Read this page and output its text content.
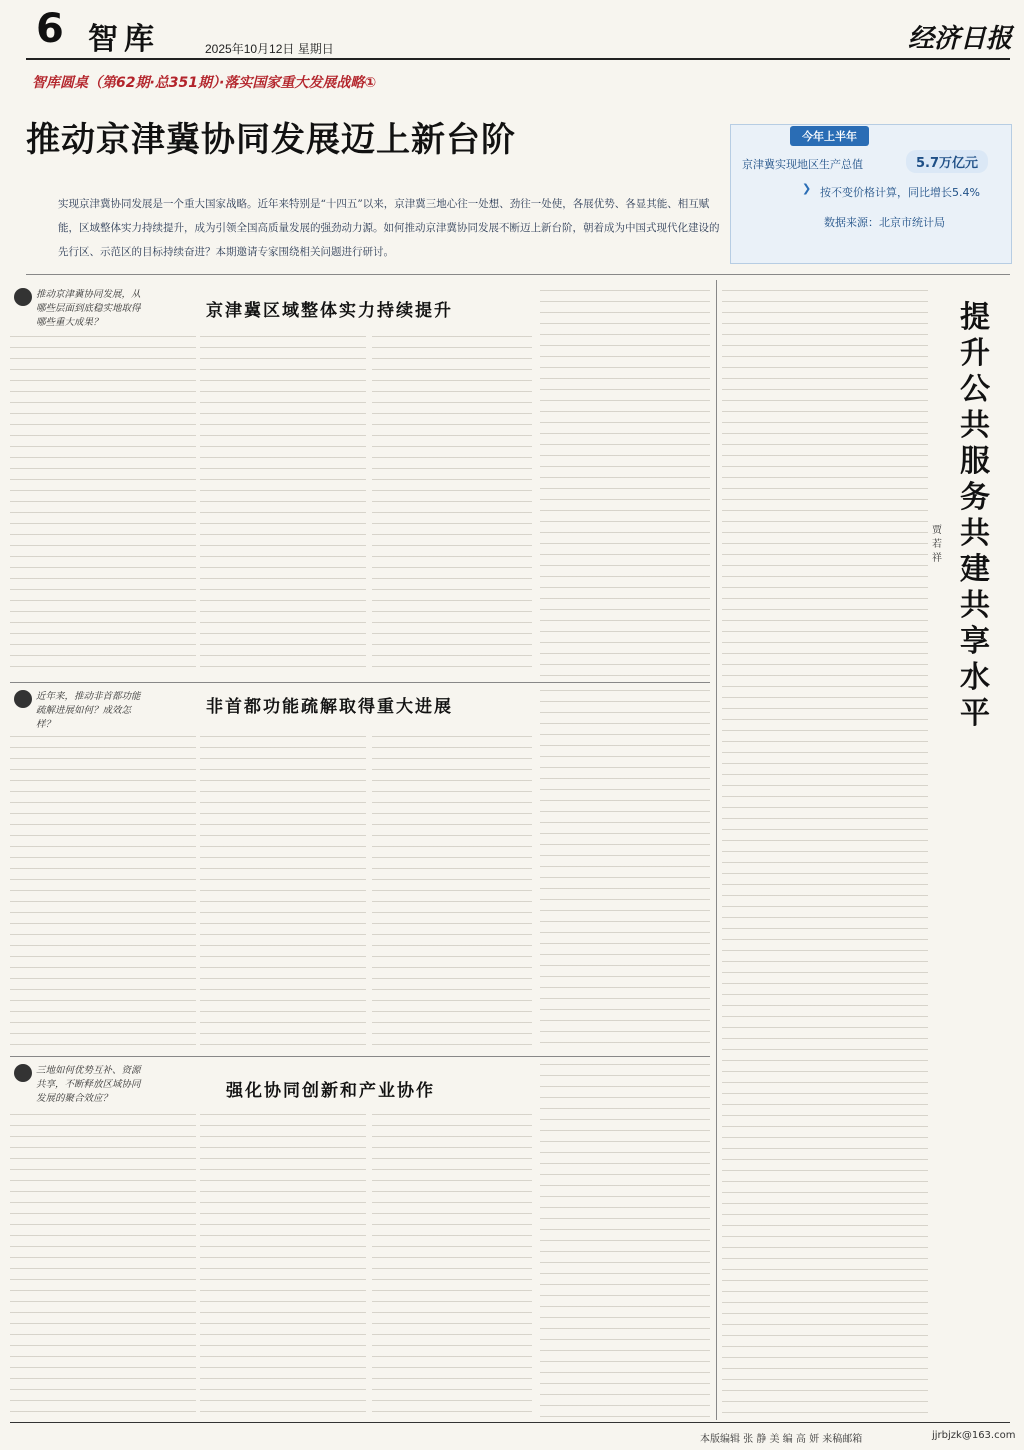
6 智库	2025年10月12日 星期日	经济日报
智库圆桌（第62期·总351期）·落实国家重大发展战略①
推动京津冀协同发展迈上新台阶	今年上半年
京津冀实现地区生产总值	5.7万亿元
❯ 按不变价格计算，同比增长5.4%
数据来源：北京市统计局
实现京津冀协同发展是一个重大国家战略。近年来特别是“十四五”以来，京津冀三地心往一处想、劲往一处使，各展优势、各显其能、相互赋能，区域整体实力持续提升，成为引领全国高质量发展的强劲动力源。如何推动京津冀协同发展不断迈上新台阶，朝着成为中国式现代化建设的先行区、示范区的目标持续奋进？本期邀请专家围绕相关问题进行研讨。
推动京津冀协同发展，从哪些层面到底稳实地取得哪些重大成果？
京津冀区域整体实力持续提升
近年来，推动非首都功能疏解进展如何？成效怎样？
非首都功能疏解取得重大进展
三地如何优势互补、资源共享，不断释放区域协同发展的聚合效应？	强化协同创新和产业协作
提升公共服务共建共享水平
贾若祥
本版编辑 张 静 美 编 高 妍 来稿邮箱	jjrbjzk@163.com
